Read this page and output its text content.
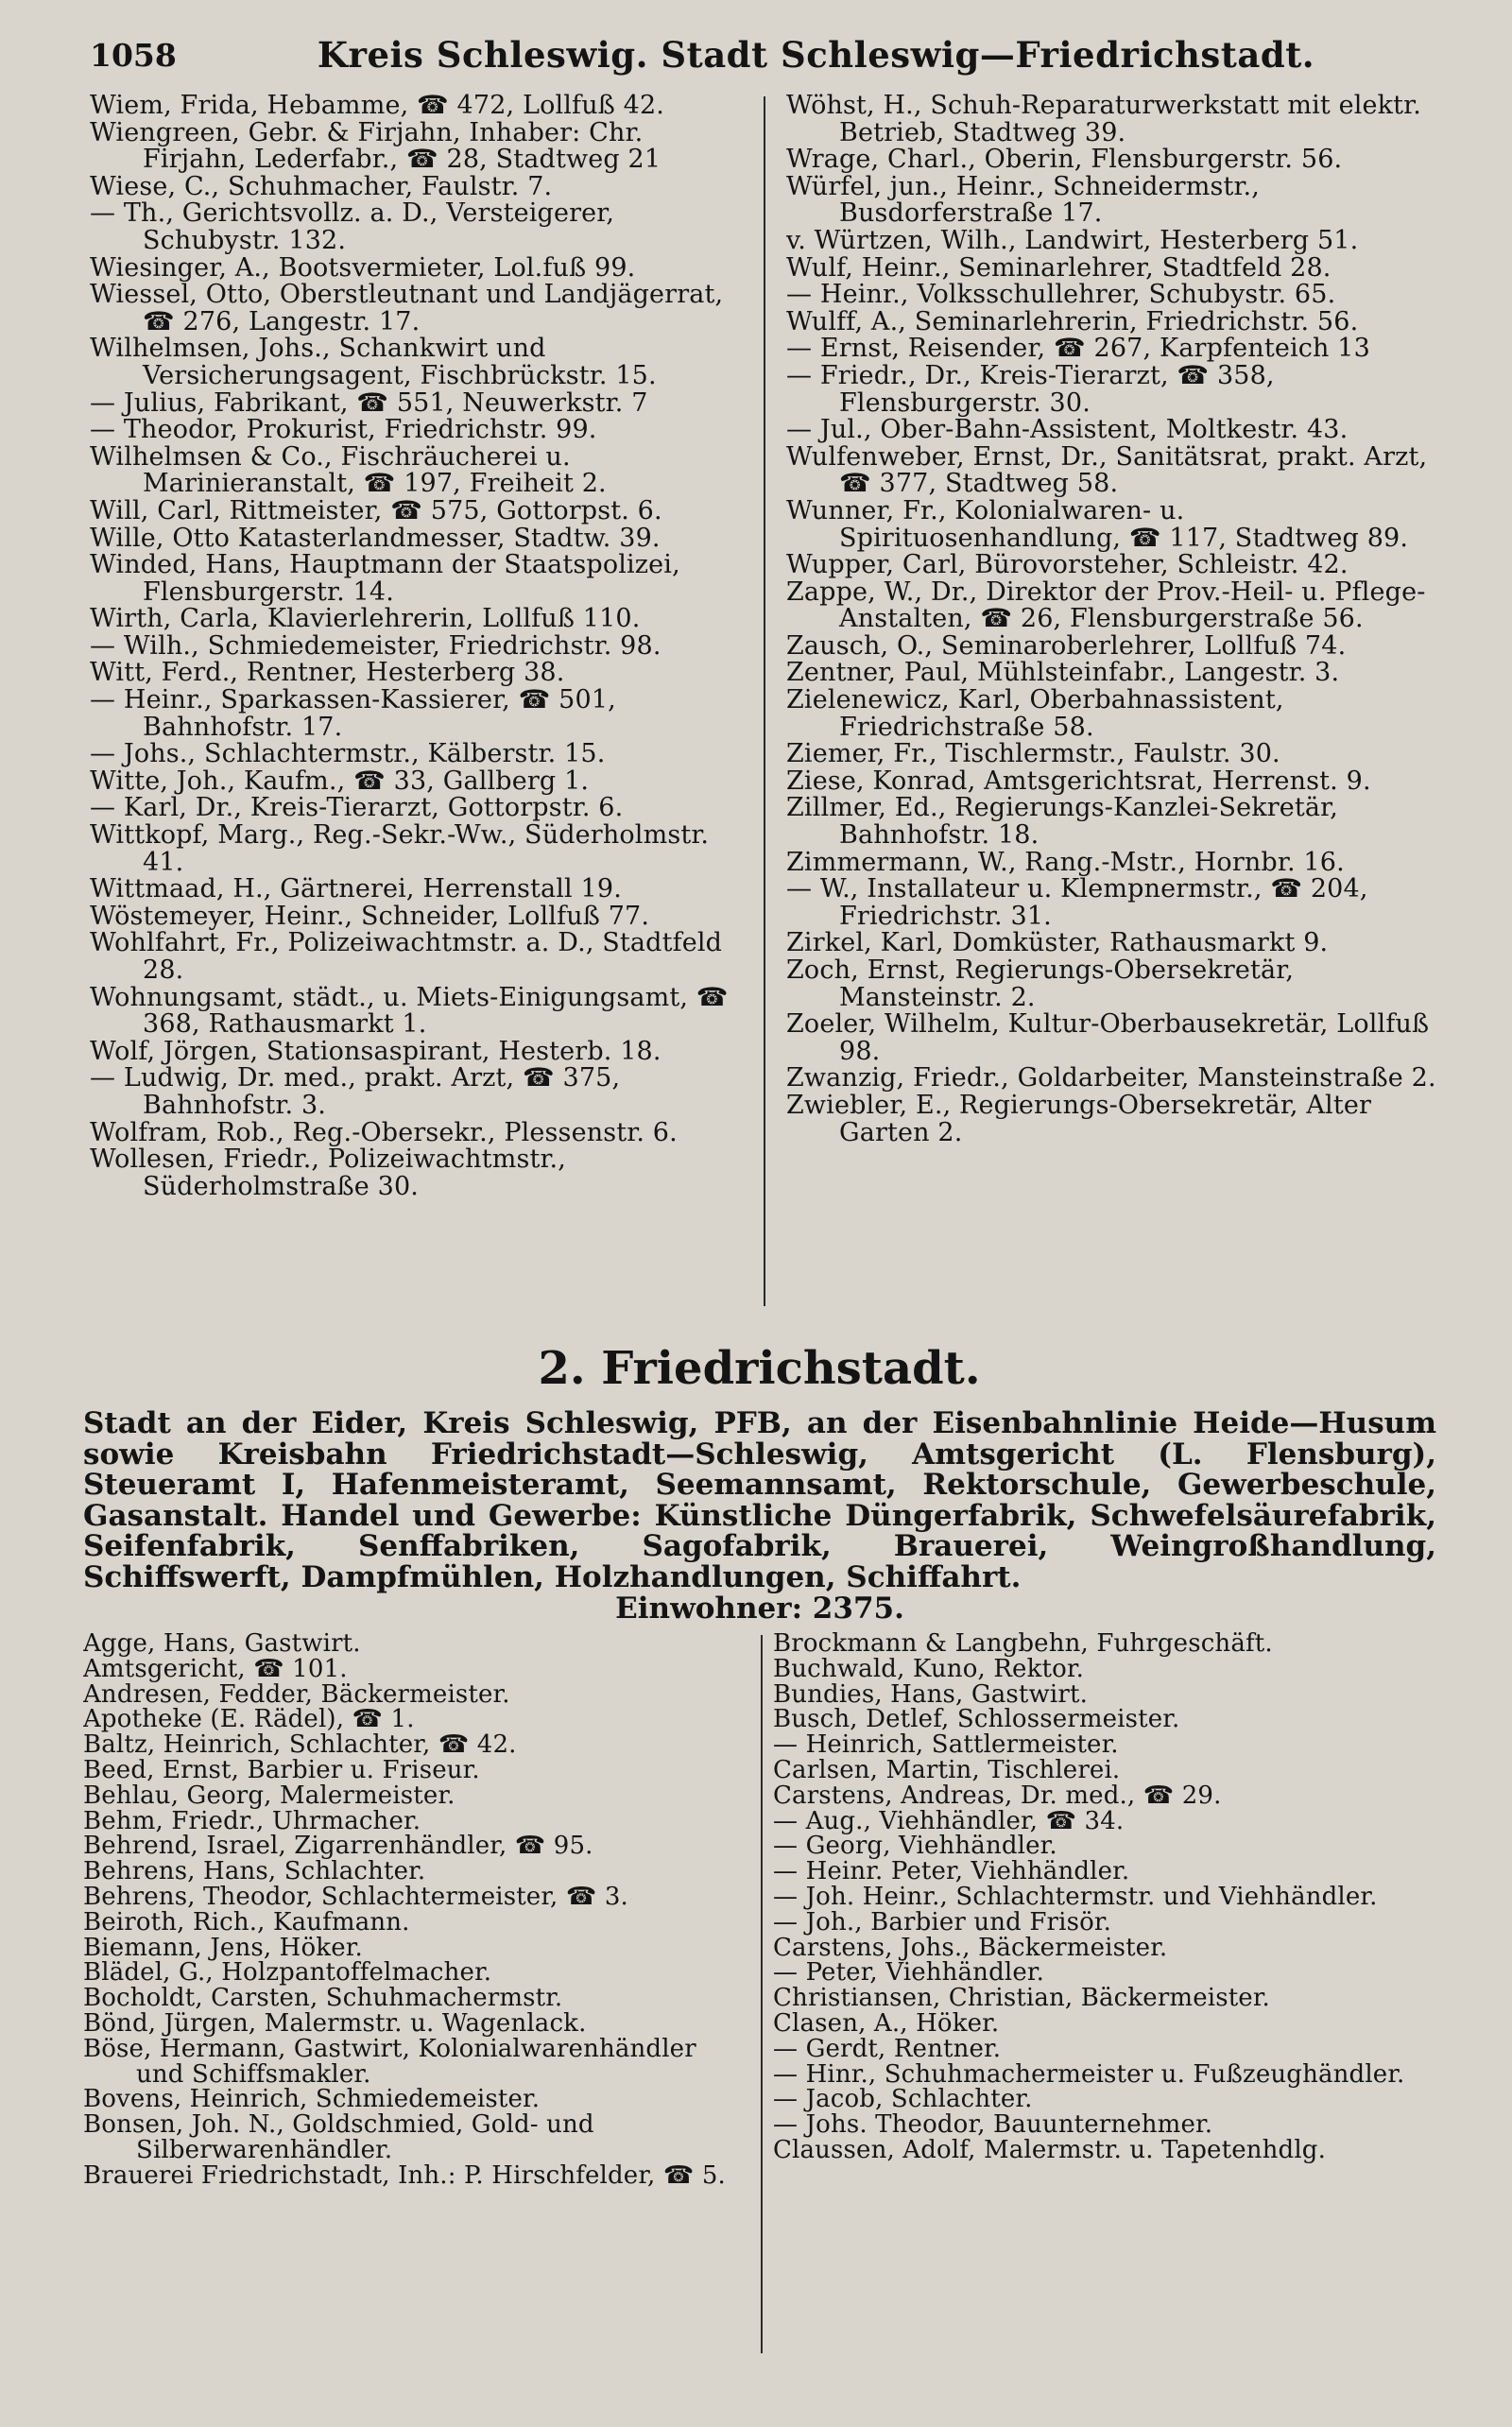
1058	Kreis Schleswig. Stadt Schleswig—Friedrichstadt.
Wiem, Frida, Hebamme, ☎ 472, Lollfuß 42.
Wiengreen, Gebr. & Firjahn, Inhaber: Chr. Firjahn, Lederfabr., ☎ 28, Stadtweg 21
Wiese, C., Schuhmacher, Faulstr. 7.
— Th., Gerichtsvollz. a. D., Versteigerer, Schubystr. 132.
Wiesinger, A., Bootsvermieter, Lol.fuß 99.
Wiessel, Otto, Oberstleutnant und Landjägerrat, ☎ 276, Langestr. 17.
Wilhelmsen, Johs., Schankwirt und Versicherungsagent, Fischbrückstr. 15.
— Julius, Fabrikant, ☎ 551, Neuwerkstr. 7
— Theodor, Prokurist, Friedrichstr. 99.
Wilhelmsen & Co., Fischräucherei u. Marinieranstalt, ☎ 197, Freiheit 2.
Will, Carl, Rittmeister, ☎ 575, Gottorpst. 6.
Wille, Otto Katasterlandmesser, Stadtw. 39.
Winded, Hans, Hauptmann der Staatspolizei, Flensburgerstr. 14.
Wirth, Carla, Klavierlehrerin, Lollfuß 110.
— Wilh., Schmiedemeister, Friedrichstr. 98.
Witt, Ferd., Rentner, Hesterberg 38.
— Heinr., Sparkassen-Kassierer, ☎ 501, Bahnhofstr. 17.
— Johs., Schlachtermstr., Kälberstr. 15.
Witte, Joh., Kaufm., ☎ 33, Gallberg 1.
— Karl, Dr., Kreis-Tierarzt, Gottorpstr. 6.
Wittkopf, Marg., Reg.-Sekr.-Ww., Süderholmstr. 41.
Wittmaad, H., Gärtnerei, Herrenstall 19.
Wöstemeyer, Heinr., Schneider, Lollfuß 77.
Wohlfahrt, Fr., Polizeiwachtmstr. a. D., Stadtfeld 28.
Wohnungsamt, städt., u. Miets-Einigungsamt, ☎ 368, Rathausmarkt 1.
Wolf, Jörgen, Stationsaspirant, Hesterb. 18.
— Ludwig, Dr. med., prakt. Arzt, ☎ 375, Bahnhofstr. 3.
Wolfram, Rob., Reg.-Obersekr., Plessenstr. 6.
Wollesen, Friedr., Polizeiwachtmstr., Süderholmstraße 30.
Wöhst, H., Schuh-Reparaturwerkstatt mit elektr. Betrieb, Stadtweg 39.
Wrage, Charl., Oberin, Flensburgerstr. 56.
Würfel, jun., Heinr., Schneidermstr., Busdorferstraße 17.
v. Würtzen, Wilh., Landwirt, Hesterberg 51.
Wulf, Heinr., Seminarlehrer, Stadtfeld 28.
— Heinr., Volksschullehrer, Schubystr. 65.
Wulff, A., Seminarlehrerin, Friedrichstr. 56.
— Ernst, Reisender, ☎ 267, Karpfenteich 13
— Friedr., Dr., Kreis-Tierarzt, ☎ 358, Flensburgerstr. 30.
— Jul., Ober-Bahn-Assistent, Moltkestr. 43.
Wulfenweber, Ernst, Dr., Sanitätsrat, prakt. Arzt, ☎ 377, Stadtweg 58.
Wunner, Fr., Kolonialwaren- u. Spirituosenhandlung, ☎ 117, Stadtweg 89.
Wupper, Carl, Bürovorsteher, Schleistr. 42.
Zappe, W., Dr., Direktor der Prov.-Heil- u. Pflege-Anstalten, ☎ 26, Flensburgerstraße 56.
Zausch, O., Seminaroberlehrer, Lollfuß 74.
Zentner, Paul, Mühlsteinfabr., Langestr. 3.
Zielenewicz, Karl, Oberbahnassistent, Friedrichstraße 58.
Ziemer, Fr., Tischlermstr., Faulstr. 30.
Ziese, Konrad, Amtsgerichtsrat, Herrenst. 9.
Zillmer, Ed., Regierungs-Kanzlei-Sekretär, Bahnhofstr. 18.
Zimmermann, W., Rang.-Mstr., Hornbr. 16.
— W., Installateur u. Klempnermstr., ☎ 204, Friedrichstr. 31.
Zirkel, Karl, Domküster, Rathausmarkt 9.
Zoch, Ernst, Regierungs-Obersekretär, Mansteinstr. 2.
Zoeler, Wilhelm, Kultur-Oberbausekretär, Lollfuß 98.
Zwanzig, Friedr., Goldarbeiter, Mansteinstraße 2.
Zwiebler, E., Regierungs-Obersekretär, Alter Garten 2.
2. Friedrichstadt.
Stadt an der Eider, Kreis Schleswig, PFB, an der Eisenbahnlinie Heide—Husum sowie Kreisbahn Friedrichstadt—Schleswig, Amtsgericht (L. Flensburg), Steueramt I, Hafenmeisteramt, Seemannsamt, Rektorschule, Gewerbeschule, Gasanstalt. Handel und Gewerbe: Künstliche Düngerfabrik, Schwefelsäurefabrik, Seifenfabrik, Senffabriken, Sagofabrik, Brauerei, Weingroßhandlung, Schiffswerft, Dampfmühlen, Holzhandlungen, Schiffahrt.
Einwohner: 2375.
Agge, Hans, Gastwirt.
Amtsgericht, ☎ 101.
Andresen, Fedder, Bäckermeister.
Apotheke (E. Rädel), ☎ 1.
Baltz, Heinrich, Schlachter, ☎ 42.
Beed, Ernst, Barbier u. Friseur.
Behlau, Georg, Malermeister.
Behm, Friedr., Uhrmacher.
Behrend, Israel, Zigarrenhändler, ☎ 95.
Behrens, Hans, Schlachter.
Behrens, Theodor, Schlachtermeister, ☎ 3.
Beiroth, Rich., Kaufmann.
Biemann, Jens, Höker.
Blädel, G., Holzpantoffelmacher.
Bocholdt, Carsten, Schuhmachermstr.
Bönd, Jürgen, Malermstr. u. Wagenlack.
Böse, Hermann, Gastwirt, Kolonialwarenhändler und Schiffsmakler.
Bovens, Heinrich, Schmiedemeister.
Bonsen, Joh. N., Goldschmied, Gold- und Silberwarenhändler.
Brauerei Friedrichstadt, Inh.: P. Hirschfelder, ☎ 5.
Brockmann & Langbehn, Fuhrgeschäft.
Buchwald, Kuno, Rektor.
Bundies, Hans, Gastwirt.
Busch, Detlef, Schlossermeister.
— Heinrich, Sattlermeister.
Carlsen, Martin, Tischlerei.
Carstens, Andreas, Dr. med., ☎ 29.
— Aug., Viehhändler, ☎ 34.
— Georg, Viehhändler.
— Heinr. Peter, Viehhändler.
— Joh. Heinr., Schlachtermstr. und Viehhändler.
— Joh., Barbier und Frisör.
Carstens, Johs., Bäckermeister.
— Peter, Viehhändler.
Christiansen, Christian, Bäckermeister.
Clasen, A., Höker.
— Gerdt, Rentner.
— Hinr., Schuhmachermeister u. Fußzeughändler.
— Jacob, Schlachter.
— Johs. Theodor, Bauunternehmer.
Claussen, Adolf, Malermstr. u. Tapetenhdlg.
